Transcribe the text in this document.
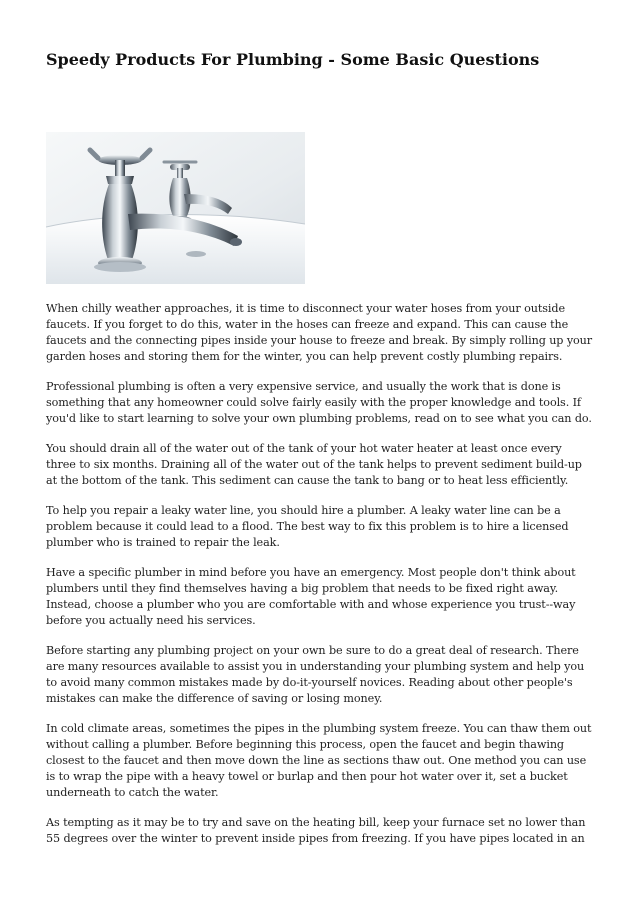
Speedy Products For Plumbing - Some Basic Questions

When chilly weather approaches, it is time to disconnect your water hoses from your outside faucets. If you forget to do this, water in the hoses can freeze and expand. This can cause the faucets and the connecting pipes inside your house to freeze and break. By simply rolling up your garden hoses and storing them for the winter, you can help prevent costly plumbing repairs.

Professional plumbing is often a very expensive service, and usually the work that is done is something that any homeowner could solve fairly easily with the proper knowledge and tools. If you'd like to start learning to solve your own plumbing problems, read on to see what you can do.

You should drain all of the water out of the tank of your hot water heater at least once every three to six months. Draining all of the water out of the tank helps to prevent sediment build-up at the bottom of the tank. This sediment can cause the tank to bang or to heat less efficiently.

To help you repair a leaky water line, you should hire a plumber. A leaky water line can be a problem because it could lead to a flood. The best way to fix this problem is to hire a licensed plumber who is trained to repair the leak.

Have a specific plumber in mind before you have an emergency. Most people don't think about plumbers until they find themselves having a big problem that needs to be fixed right away. Instead, choose a plumber who you are comfortable with and whose experience you trust--way before you actually need his services.

Before starting any plumbing project on your own be sure to do a great deal of research. There are many resources available to assist you in understanding your plumbing system and help you to avoid many common mistakes made by do-it-yourself novices. Reading about other people's mistakes can make the difference of saving or losing money.

In cold climate areas, sometimes the pipes in the plumbing system freeze. You can thaw them out without calling a plumber. Before beginning this process, open the faucet and begin thawing closest to the faucet and then move down the line as sections thaw out. One method you can use is to wrap the pipe with a heavy towel or burlap and then pour hot water over it, set a bucket underneath to catch the water.

As tempting as it may be to try and save on the heating bill, keep your furnace set no lower than 55 degrees over the winter to prevent inside pipes from freezing. If you have pipes located in an
